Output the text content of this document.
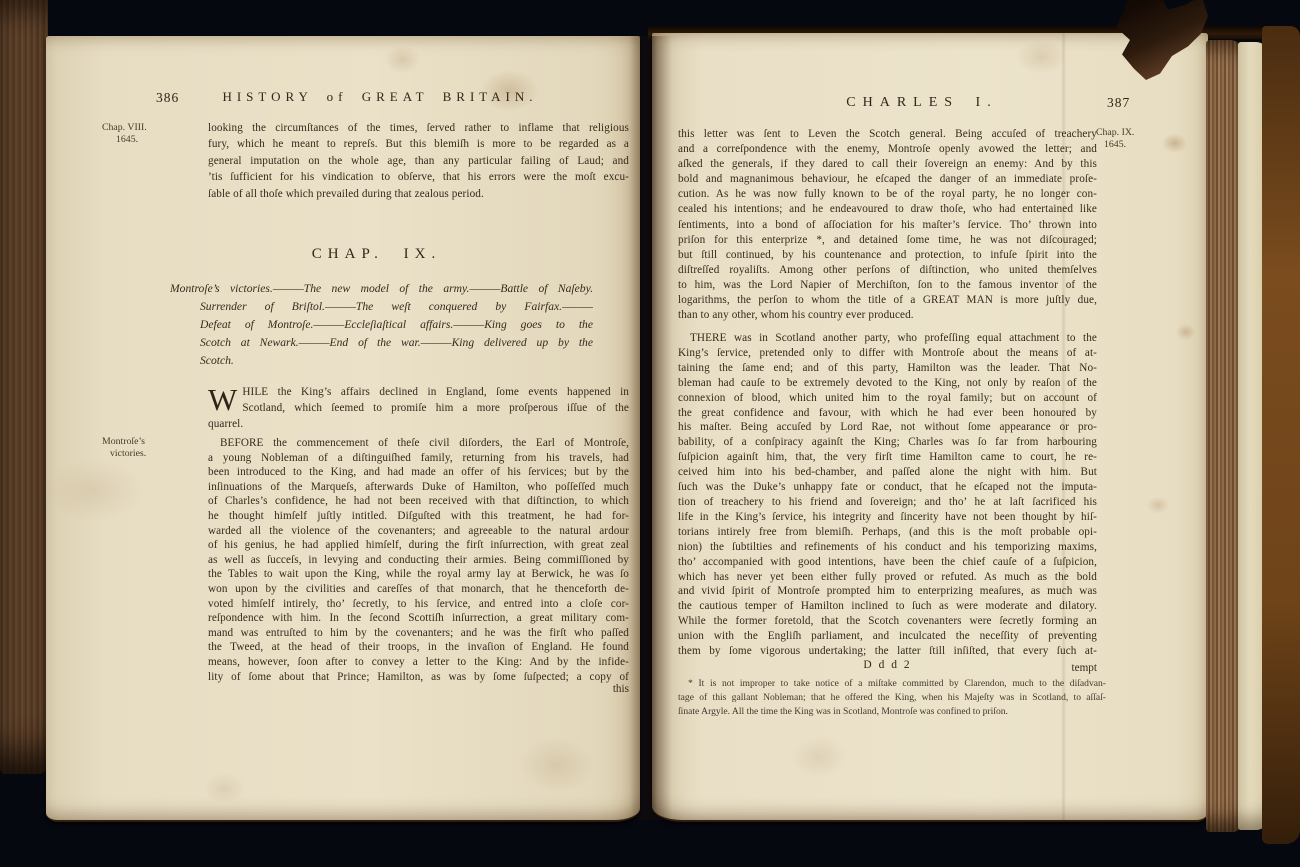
386	HISTORY of GREAT BRITAIN.
Chap. VIII.
1645.
looking the circumſtances of the times, ſerved rather to inflame that religious
fury, which he meant to repreſs. But this blemiſh is more to be regarded as a
general imputation on the whole age, than any particular failing of Laud; and
’tis ſufficient for his vindication to obſerve, that his errors were the moſt excu-
ſable of all thoſe which prevailed during that zealous period.
CHAP. IX.
Montroſe’s victories.———The new model of the army.———Battle of Naſeby.
Surrender of Briſtol.———The weſt conquered by Fairfax.———
Defeat of Montroſe.———Eccleſiaſtical affairs.———King goes to the
Scotch at Newark.———End of the war.———King delivered up by the
Scotch.
W HILE the King’s affairs declined in England, ſome events happened in
Scotland, which ſeemed to promiſe him a more proſperous iſſue of the
quarrel.
Montroſe’s
victories.
BEFORE the commencement of theſe civil diſorders, the Earl of Montroſe,
a young Nobleman of a diſtinguiſhed family, returning from his travels, had
been introduced to the King, and had made an offer of his ſervices; but by the
inſinuations of the Marqueſs, afterwards Duke of Hamilton, who poſſeſſed much
of Charles’s confidence, he had not been received with that diſtinction, to which
he thought himſelf juſtly intitled. Diſguſted with this treatment, he had for-
warded all the violence of the covenanters; and agreeable to the natural ardour
of his genius, he had applied himſelf, during the firſt inſurrection, with great zeal
as well as ſucceſs, in levying and conducting their armies. Being commiſſioned by
the Tables to wait upon the King, while the royal army lay at Berwick, he was ſo
won upon by the civilities and careſſes of that monarch, that he thenceforth de-
voted himſelf intirely, tho’ ſecretly, to his ſervice, and entred into a cloſe cor-
reſpondence with him. In the ſecond Scottiſh inſurrection, a great military com-
mand was entruſted to him by the covenanters; and he was the firſt who paſſed
the Tweed, at the head of their troops, in the invaſion of England. He found
means, however, ſoon after to convey a letter to the King: And by the infide-
lity of ſome about that Prince; Hamilton, as was by ſome ſuſpected; a copy of
this
CHARLES I.	387
Chap. IX.
1645.
this letter was ſent to Leven the Scotch general. Being accuſed of treachery
and a correſpondence with the enemy, Montroſe openly avowed the letter; and
aſked the generals, if they dared to call their ſovereign an enemy: And by this
bold and magnanimous behaviour, he eſcaped the danger of an immediate proſe-
cution. As he was now fully known to be of the royal party, he no longer con-
cealed his intentions; and he endeavoured to draw thoſe, who had entertained like
ſentiments, into a bond of aſſociation for his maſter’s ſervice. Tho’ thrown into
priſon for this enterprize *, and detained ſome time, he was not diſcouraged;
but ſtill continued, by his countenance and protection, to infuſe ſpirit into the
diſtreſſed royaliſts. Among other perſons of diſtinction, who united themſelves
to him, was the Lord Napier of Merchiſton, ſon to the famous inventor of the
logarithms, the perſon to whom the title of a GREAT MAN is more juſtly due,
than to any other, whom his country ever produced.
THERE was in Scotland another party, who profeſſing equal attachment to the
King’s ſervice, pretended only to differ with Montroſe about the means of at-
taining the ſame end; and of this party, Hamilton was the leader. That No-
bleman had cauſe to be extremely devoted to the King, not only by reaſon of the
connexion of blood, which united him to the royal family; but on account of
the great confidence and favour, with which he had ever been honoured by
his maſter. Being accuſed by Lord Rae, not without ſome appearance or pro-
bability, of a conſpiracy againſt the King; Charles was ſo far from harbouring
ſuſpicion againſt him, that, the very firſt time Hamilton came to court, he re-
ceived him into his bed-chamber, and paſſed alone the night with him. But
ſuch was the Duke’s unhappy fate or conduct, that he eſcaped not the imputa-
tion of treachery to his friend and ſovereign; and tho’ he at laſt ſacrificed his
life in the King’s ſervice, his integrity and ſincerity have not been thought by hiſ-
torians intirely free from blemiſh. Perhaps, (and this is the moſt probable opi-
nion) the ſubtilties and refinements of his conduct and his temporizing maxims,
tho’ accompanied with good intentions, have been the chief cauſe of a ſuſpicion,
which has never yet been either fully proved or refuted. As much as the bold
and vivid ſpirit of Montroſe prompted him to enterprizing meaſures, as much was
the cautious temper of Hamilton inclined to ſuch as were moderate and dilatory.
While the former foretold, that the Scotch covenanters were ſecretly forming an
union with the Engliſh parliament, and inculcated the neceſſity of preventing
them by ſome vigorous undertaking; the latter ſtill inſiſted, that every ſuch at-
D d d 2	tempt
* It is not improper to take notice of a miſtake committed by Clarendon, much to the diſadvan-
tage of this gallant Nobleman; that he offered the King, when his Majeſty was in Scotland, to aſſaſ-
ſinate Argyle. All the time the King was in Scotland, Montroſe was confined to priſon.
